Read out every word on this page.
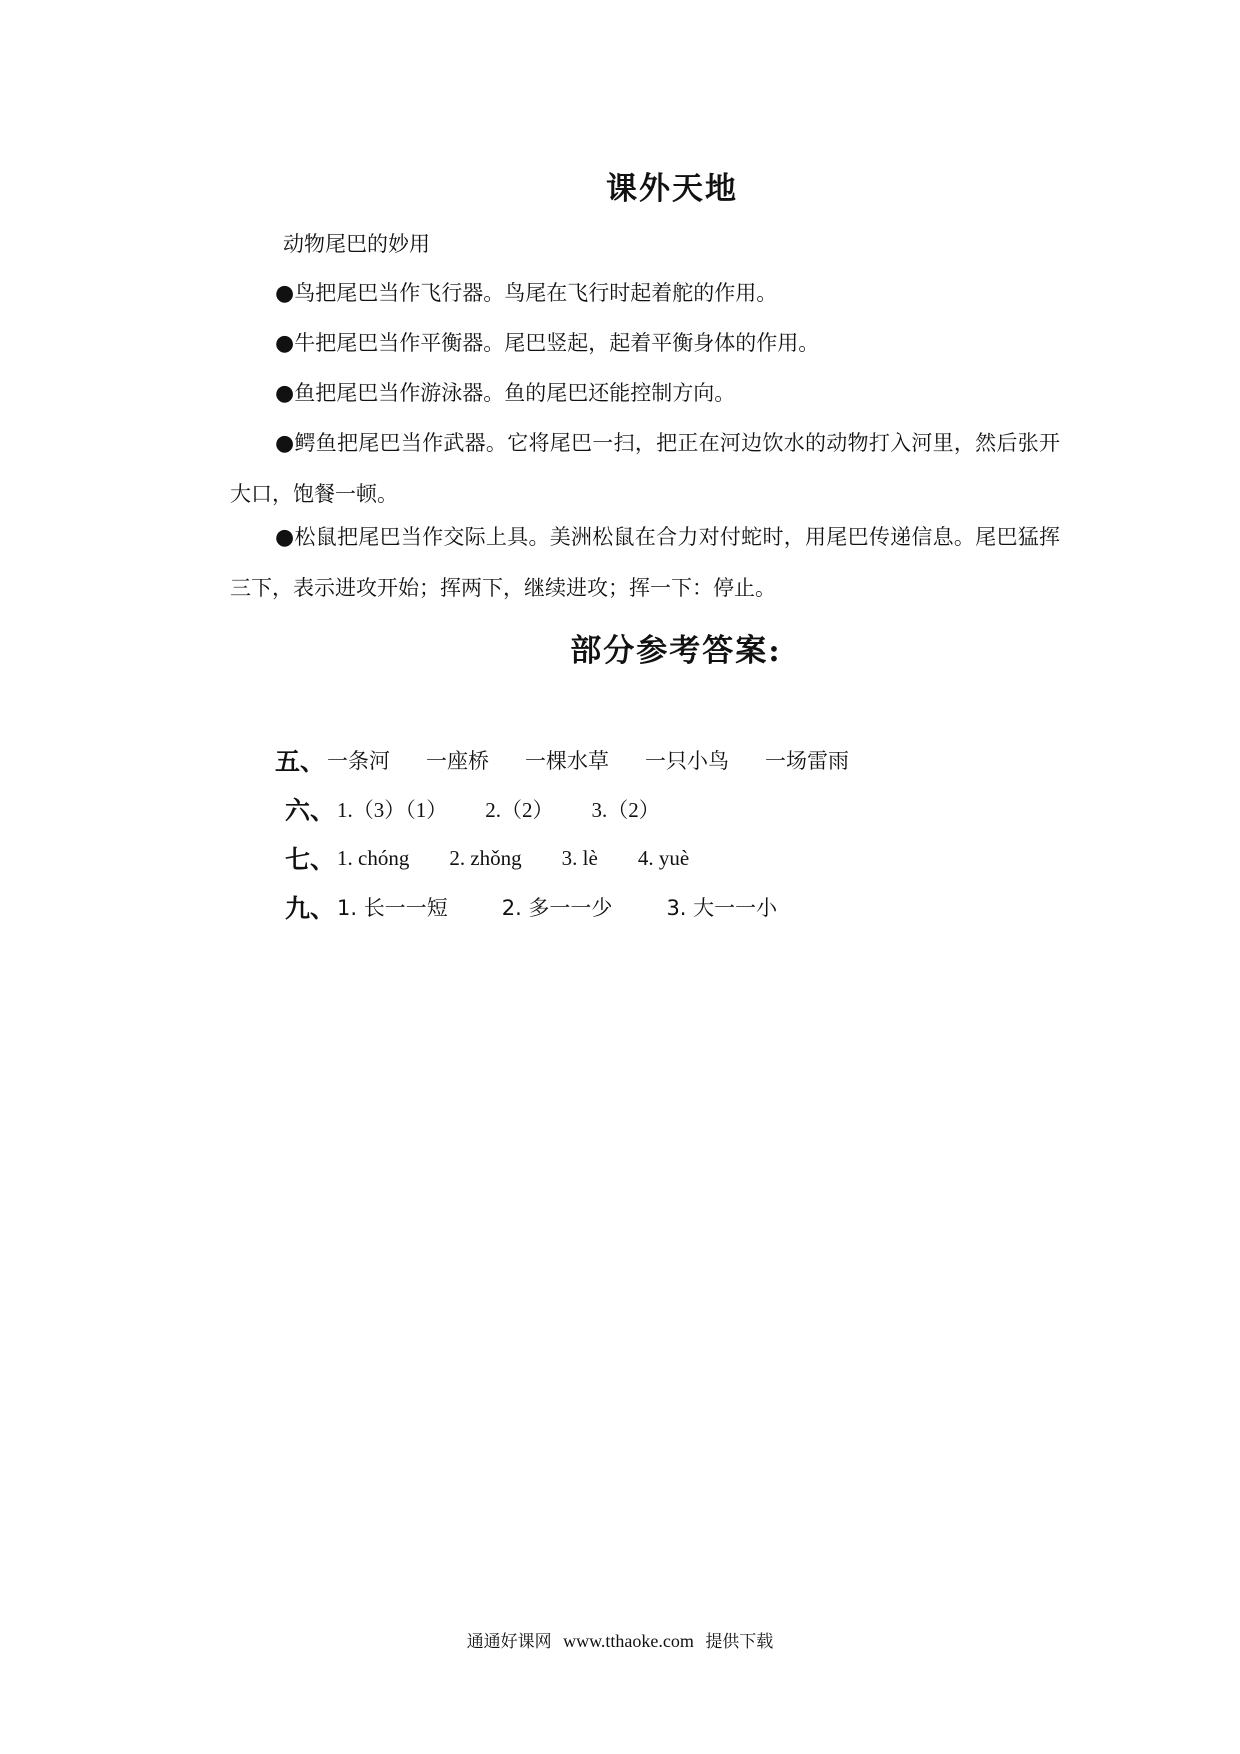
课外天地
动物尾巴的妙用

●鸟把尾巴当作飞行器。鸟尾在飞行时起着舵的作用。

●牛把尾巴当作平衡器。尾巴竖起，起着平衡身体的作用。

●鱼把尾巴当作游泳器。鱼的尾巴还能控制方向。

●鳄鱼把尾巴当作武器。它将尾巴一扫，把正在河边饮水的动物打入河里，然后张开大口，饱餐一顿。

●松鼠把尾巴当作交际上具。美洲松鼠在合力对付蛇时，用尾巴传递信息。尾巴猛挥三下，表示进攻开始；挥两下，继续进攻；挥一下：停止。

部分参考答案:
五、 一条河 一座桥 一棵水草 一只小鸟 一场雷雨
六、 1.（3）（1） 2.（2） 3.（2）
七、 1. chóng 2. zhǒng 3. lè 4. yuè
九、 1. 长一一短	2. 多一一少	3. 大一一小
通通好课网 www.tthaoke.com 提供下载
